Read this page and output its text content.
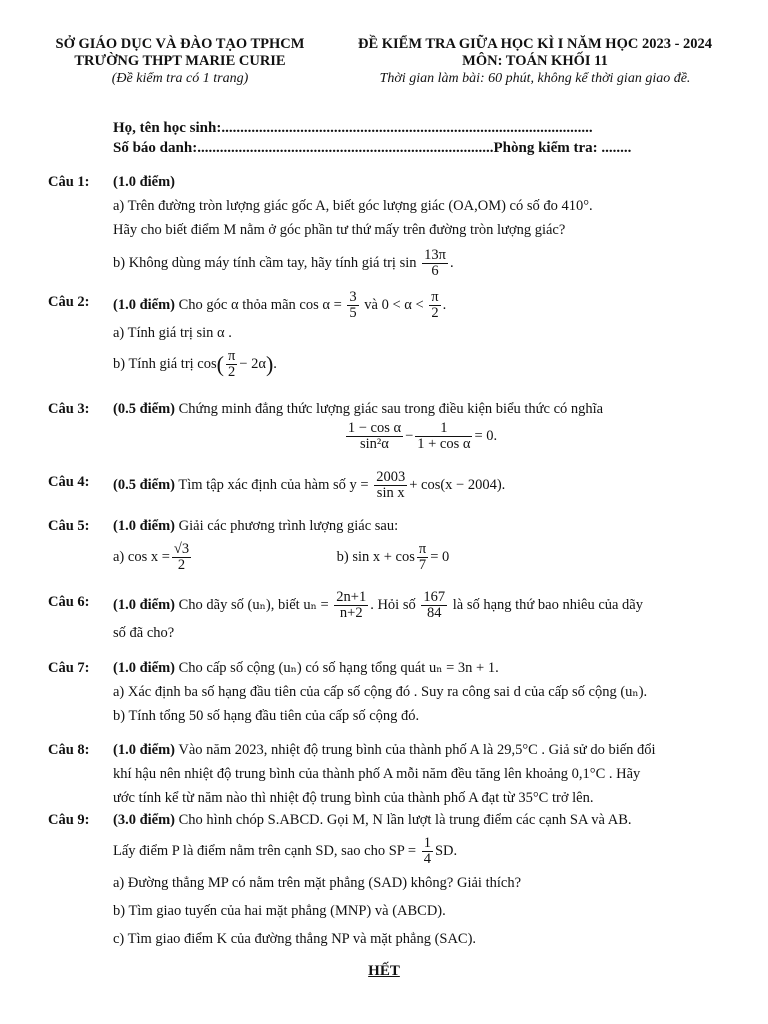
SỞ GIÁO DỤC VÀ ĐÀO TẠO TPHCM
TRƯỜNG THPT MARIE CURIE
(Đề kiểm tra có 1 trang)
ĐỀ KIỂM TRA GIỮA HỌC KÌ I NĂM HỌC 2023 - 2024
MÔN: TOÁN KHỐI 11
Thời gian làm bài: 60 phút, không kể thời gian giao đề.
Họ, tên học sinh:...................................................................................................
Số báo danh:...............................................................................Phòng kiểm tra: ........
Câu 1: (1.0 điểm)
a) Trên đường tròn lượng giác gốc A, biết góc lượng giác (OA,OM) có số đo 410°.
Hãy cho biết điểm M nằm ở góc phần tư thứ mấy trên đường tròn lượng giác?
b) Không dùng máy tính cầm tay, hãy tính giá trị $\sin \frac{13\pi}{6}$ .
Câu 2: (1.0 điểm) Cho góc α thỏa mãn $\cos \alpha = \frac{3}{5}$ và $0 < \alpha < \frac{\pi}{2}$ .
a) Tính giá trị sin α .
b) Tính giá trị $\cos( \frac{\pi}{2} - 2\alpha)$.
Câu 3: (0.5 điểm) Chứng minh đẳng thức lượng giác sau trong điều kiện biểu thức có nghĩa
$\frac{\text{1 − cos α}}{\text{sin²α}} - \frac{1}{\text{1 + cos α}} = 0$.
Câu 4: (0.5 điểm) Tìm tập xác định của hàm số $y = \frac{2003}{\text{sin x}} + \cos(x - 2004)$.
Câu 5: (1.0 điểm) Giải các phương trình lượng giác sau:
a) $\cos x = \frac{√3}{2}$	b) $\sin x + \cos \frac{\pi}{7} = 0$
Câu 6: (1.0 điểm) Cho dãy số (uₙ), biết $u_n = \frac{2n+1}{n+2}$ . Hỏi số $\frac{167}{84}$ là số hạng thứ bao nhiêu của dãy
số đã cho?
Câu 7: (1.0 điểm) Cho cấp số cộng (uₙ) có số hạng tổng quát uₙ = 3n + 1.
a) Xác định ba số hạng đầu tiên của cấp số cộng đó . Suy ra công sai d của cấp số cộng (uₙ).
b) Tính tổng 50 số hạng đầu tiên của cấp số cộng đó.
Câu 8: (1.0 điểm) Vào năm 2023, nhiệt độ trung bình của thành phố A là 29,5°C . Giả sử do biến đổi
khí hậu nên nhiệt độ trung bình của thành phố A mỗi năm đều tăng lên khoảng 0,1°C . Hãy
ước tính kể từ năm nào thì nhiệt độ trung bình của thành phố A đạt từ 35°C trở lên.
Câu 9: (3.0 điểm) Cho hình chóp S.ABCD. Gọi M, N lần lượt là trung điểm các cạnh SA và AB.
Lấy điểm P là điểm nằm trên cạnh SD, sao cho SP = $\frac{1}{4}$ SD.
a) Đường thẳng MP có nằm trên mặt phẳng (SAD) không? Giải thích?
b) Tìm giao tuyến của hai mặt phẳng (MNP) và (ABCD).
c) Tìm giao điểm K của đường thẳng NP và mặt phẳng (SAC).
HẾT
